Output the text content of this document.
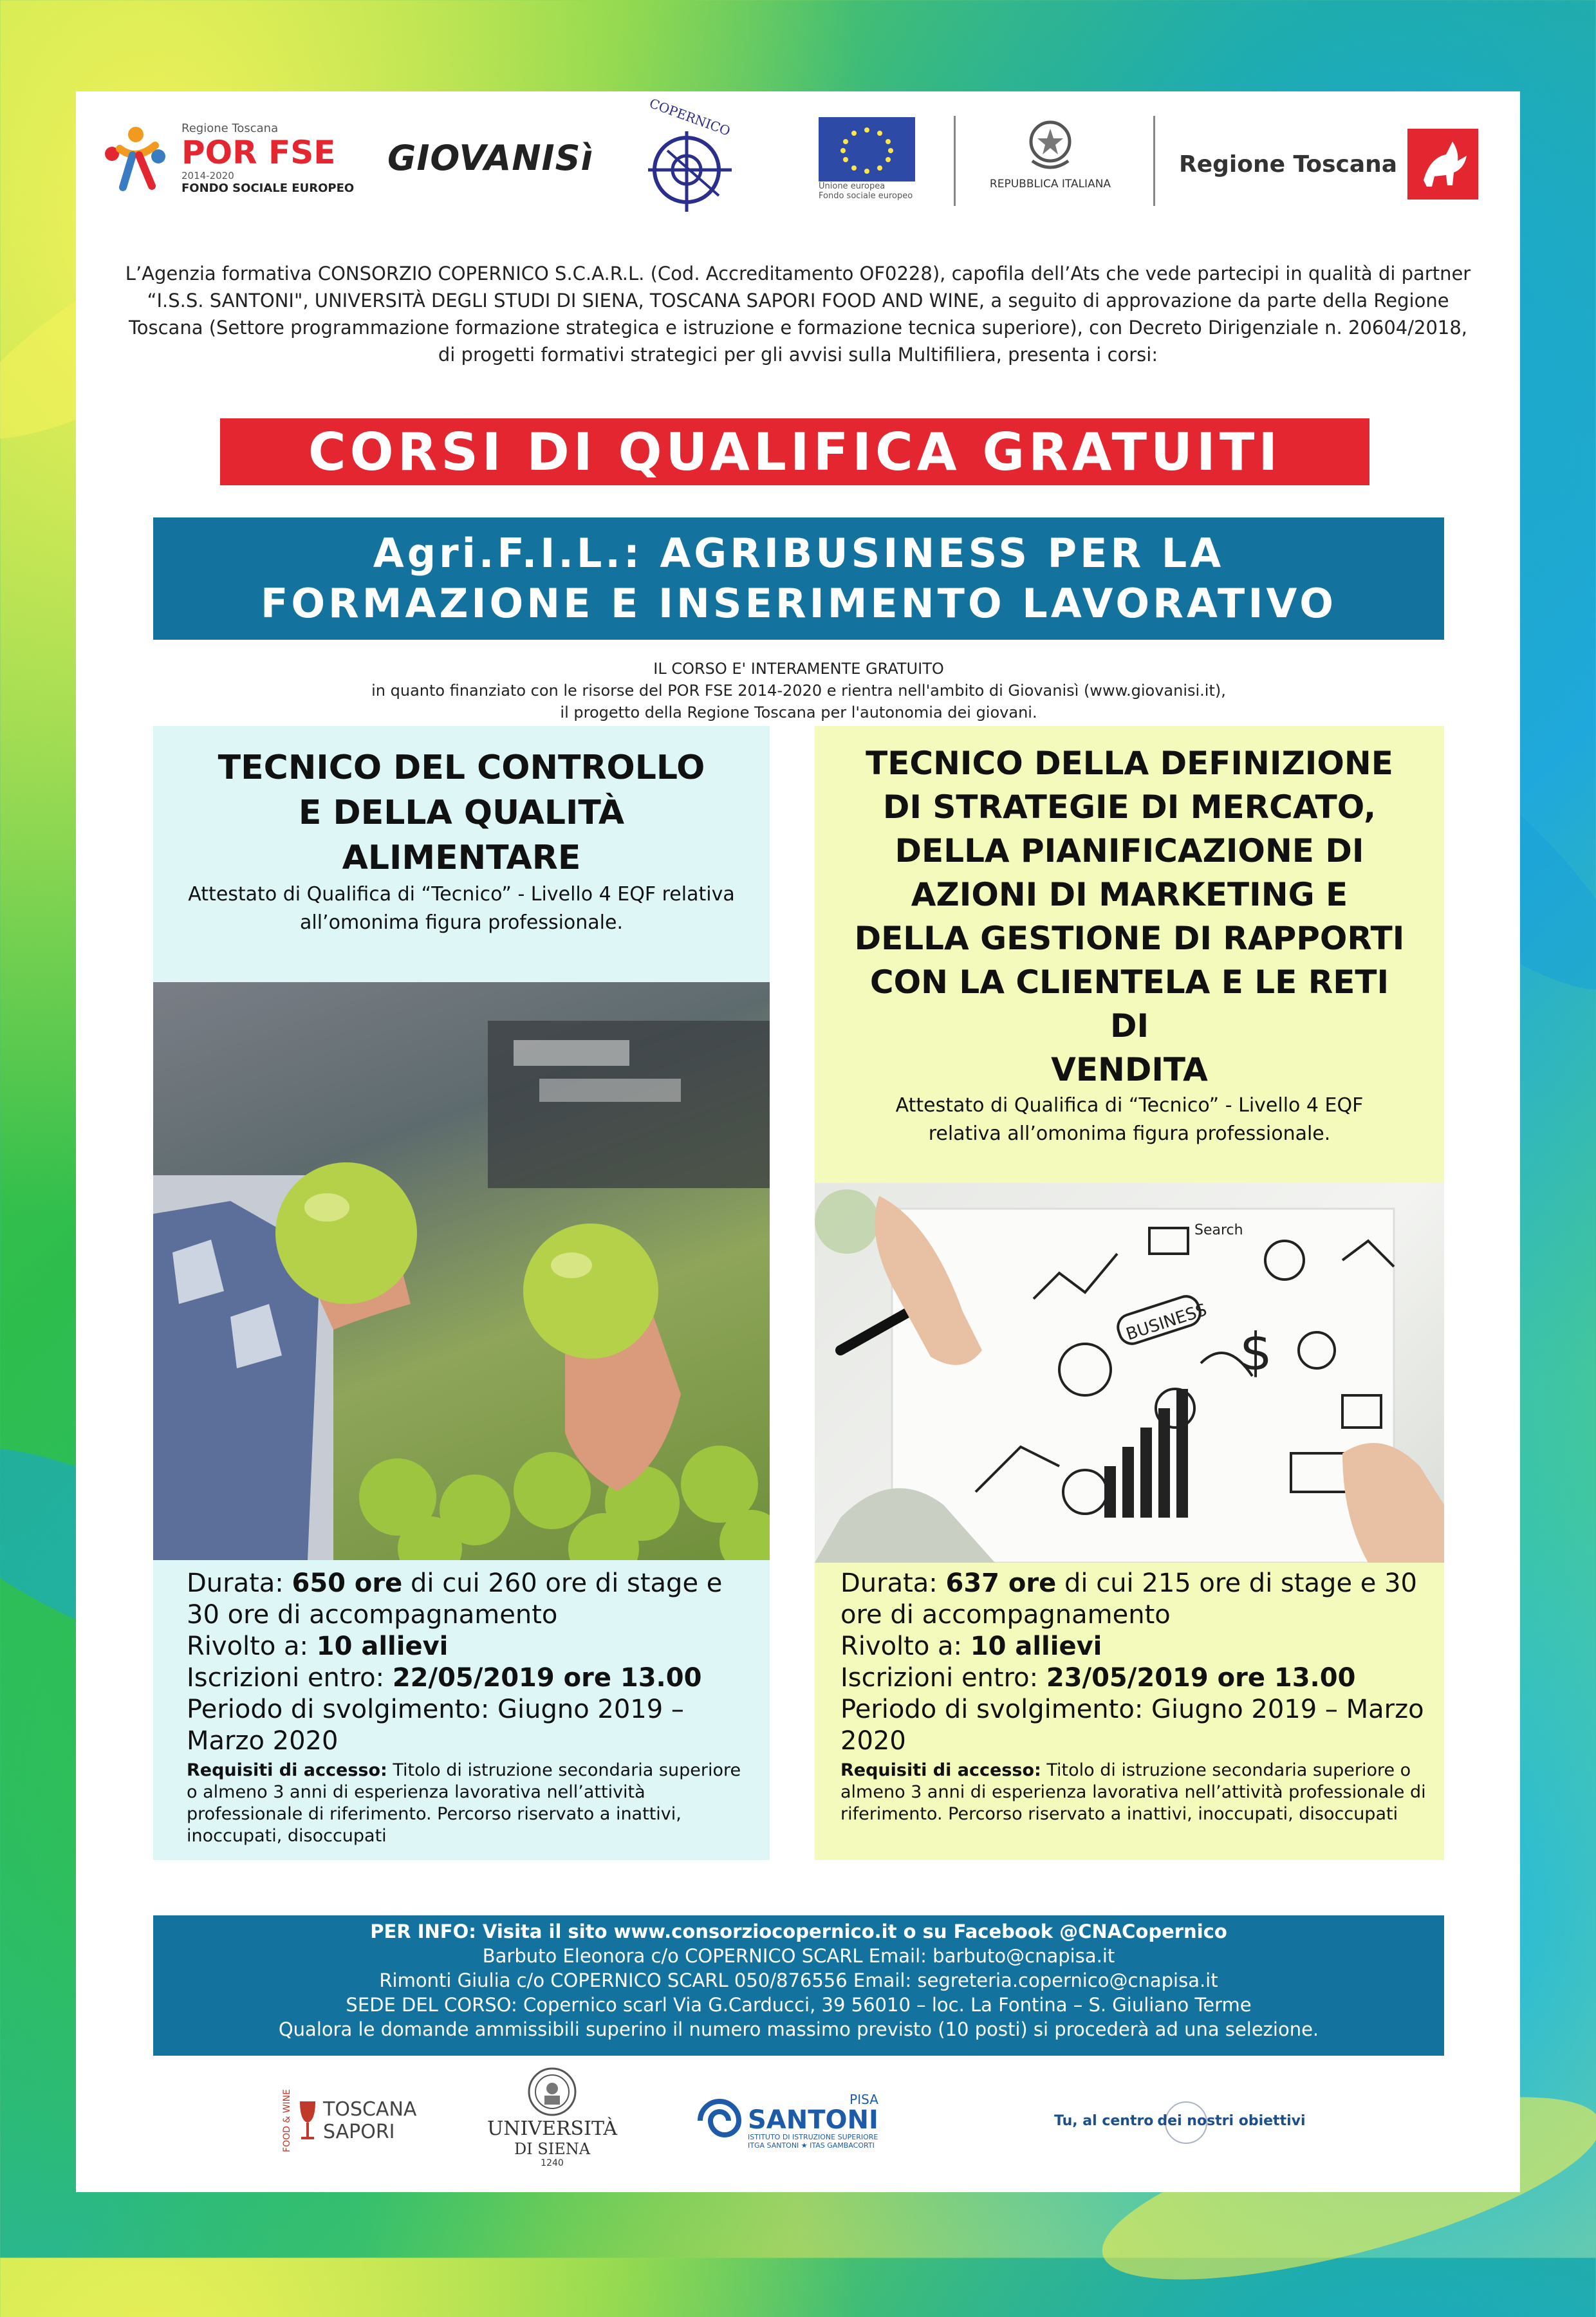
Regione Toscana
POR FSE
2014-2020
FONDO SOCIALE EUROPEO
GIOVANISì
COPERNICO
Unione europea
Fondo sociale europeo
REPUBBLICA ITALIANA
Regione Toscana
L’Agenzia formativa CONSORZIO COPERNICO S.C.A.R.L. (Cod. Accreditamento OF0228), capofila dell’Ats che vede partecipi in qualità di partner
“I.S.S. SANTONI", UNIVERSITÀ DEGLI STUDI DI SIENA, TOSCANA SAPORI FOOD AND WINE, a seguito di approvazione da parte della Regione
Toscana (Settore programmazione formazione strategica e istruzione e formazione tecnica superiore), con Decreto Dirigenziale n. 20604/2018,
di progetti formativi strategici per gli avvisi sulla Multifiliera, presenta i corsi:
CORSI DI QUALIFICA GRATUITI
Agri.F.I.L.: AGRIBUSINESS PER LA
FORMAZIONE E INSERIMENTO LAVORATIVO
IL CORSO E' INTERAMENTE GRATUITO
in quanto finanziato con le risorse del POR FSE 2014-2020 e rientra nell'ambito di Giovanisì (www.giovanisi.it),
il progetto della Regione Toscana per l'autonomia dei giovani.
TECNICO DEL CONTROLLO
E DELLA QUALITÀ
ALIMENTARE
Attestato di Qualifica di “Tecnico” - Livello 4 EQF relativa
all’omonima figura professionale.
Durata: 650 ore di cui 260 ore di stage e 30 ore di accompagnamento
Rivolto a: 10 allievi
Iscrizioni entro: 22/05/2019 ore 13.00
Periodo di svolgimento: Giugno 2019 – Marzo 2020
Requisiti di accesso: Titolo di istruzione secondaria superiore o almeno 3 anni di esperienza lavorativa nell’attività professionale di riferimento. Percorso riservato a inattivi, inoccupati, disoccupati
TECNICO DELLA DEFINIZIONE
DI STRATEGIE DI MERCATO,
DELLA PIANIFICAZIONE DI
AZIONI DI MARKETING E
DELLA GESTIONE DI RAPPORTI
CON LA CLIENTELA E LE RETI
DI
VENDITA
Attestato di Qualifica di “Tecnico” - Livello 4 EQF
relativa all’omonima figura professionale.
BUSINESS
Search
$
Durata: 637 ore di cui 215 ore di stage e 30 ore di accompagnamento
Rivolto a: 10 allievi
Iscrizioni entro: 23/05/2019 ore 13.00
Periodo di svolgimento: Giugno 2019 – Marzo 2020
Requisiti di accesso: Titolo di istruzione secondaria superiore o almeno 3 anni di esperienza lavorativa nell’attività professionale di riferimento. Percorso riservato a inattivi, inoccupati, disoccupati
PER INFO: Visita il sito www.consorziocopernico.it o su Facebook @CNACopernico
Barbuto Eleonora c/o COPERNICO SCARL Email: barbuto@cnapisa.it
Rimonti Giulia c/o COPERNICO SCARL 050/876556 Email: segreteria.copernico@cnapisa.it
SEDE DEL CORSO: Copernico scarl Via G.Carducci, 39 56010 – loc. La Fontina – S. Giuliano Terme
Qualora le domande ammissibili superino il numero massimo previsto (10 posti) si procederà ad una selezione.
FOOD & WINE TOSCANA
SAPORI	UNIVERSITÀ
DI SIENA
1240
PISA
SANTONI
ISTITUTO DI ISTRUZIONE SUPERIORE
ITGA SANTONI ★ ITAS GAMBACORTI
Tu, al centro dei nostri obiettivi
